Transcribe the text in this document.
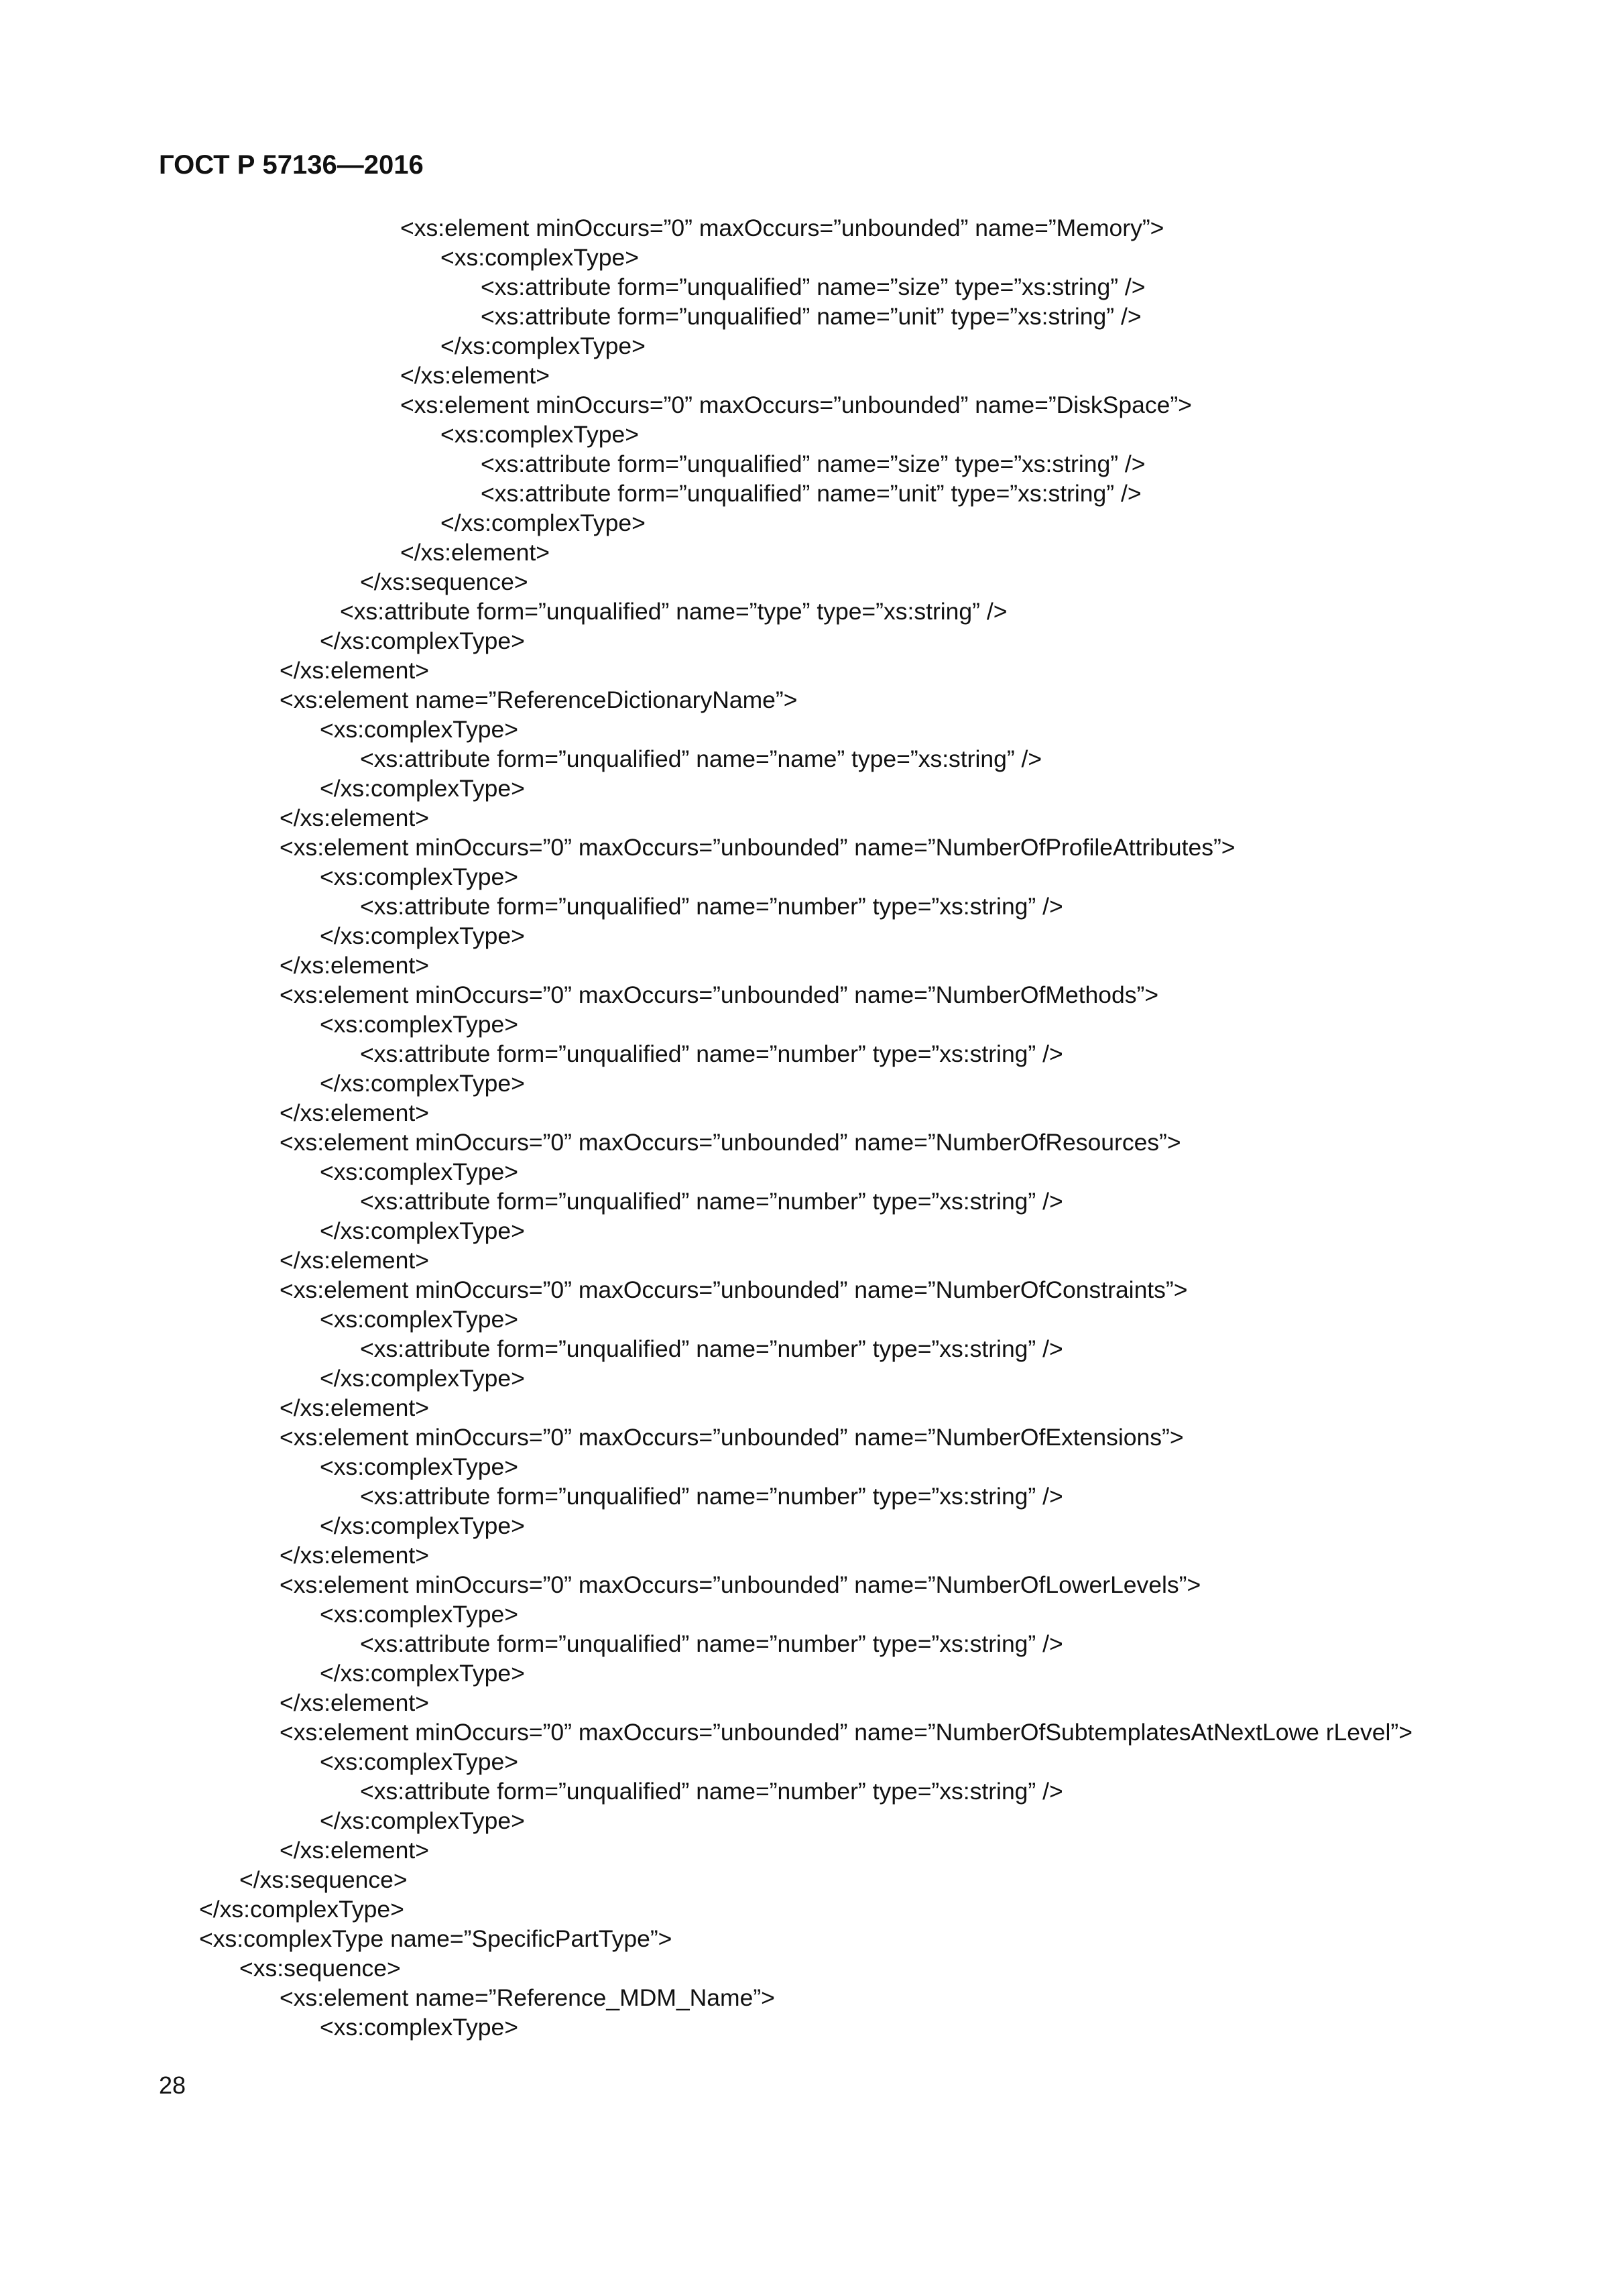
ГОСТ Р 57136—2016
<xs:element minOccurs=”0” maxOccurs=”unbounded” name=”Memory”>
<xs:complexType>
<xs:attribute form=”unqualified” name=”size” type=”xs:string” />
<xs:attribute form=”unqualified” name=”unit” type=”xs:string” />
</xs:complexType>
</xs:element>
<xs:element minOccurs=”0” maxOccurs=”unbounded” name=”DiskSpace”>
<xs:complexType>
<xs:attribute form=”unqualified” name=”size” type=”xs:string” />
<xs:attribute form=”unqualified” name=”unit” type=”xs:string” />
</xs:complexType>
</xs:element>
</xs:sequence>
<xs:attribute form=”unqualified” name=”type” type=”xs:string” />
</xs:complexType>
</xs:element>
<xs:element name=”ReferenceDictionaryName”>
<xs:complexType>
<xs:attribute form=”unqualified” name=”name” type=”xs:string” />
</xs:complexType>
</xs:element>
<xs:element minOccurs=”0” maxOccurs=”unbounded” name=”NumberOfProfileAttributes”>
<xs:complexType>
<xs:attribute form=”unqualified” name=”number” type=”xs:string” />
</xs:complexType>
</xs:element>
<xs:element minOccurs=”0” maxOccurs=”unbounded” name=”NumberOfMethods”>
<xs:complexType>
<xs:attribute form=”unqualified” name=”number” type=”xs:string” />
</xs:complexType>
</xs:element>
<xs:element minOccurs=”0” maxOccurs=”unbounded” name=”NumberOfResources”>
<xs:complexType>
<xs:attribute form=”unqualified” name=”number” type=”xs:string” />
</xs:complexType>
</xs:element>
<xs:element minOccurs=”0” maxOccurs=”unbounded” name=”NumberOfConstraints”>
<xs:complexType>
<xs:attribute form=”unqualified” name=”number” type=”xs:string” />
</xs:complexType>
</xs:element>
<xs:element minOccurs=”0” maxOccurs=”unbounded” name=”NumberOfExtensions”>
<xs:complexType>
<xs:attribute form=”unqualified” name=”number” type=”xs:string” />
</xs:complexType>
</xs:element>
<xs:element minOccurs=”0” maxOccurs=”unbounded” name=”NumberOfLowerLevels”>
<xs:complexType>
<xs:attribute form=”unqualified” name=”number” type=”xs:string” />
</xs:complexType>
</xs:element>
<xs:element minOccurs=”0” maxOccurs=”unbounded” name=”NumberOfSubtemplatesAtNextLowe rLevel”>
<xs:complexType>
<xs:attribute form=”unqualified” name=”number” type=”xs:string” />
</xs:complexType>
</xs:element>
</xs:sequence>
</xs:complexType>
<xs:complexType name=”SpecificPartType”>
<xs:sequence>
<xs:element name=”Reference_MDM_Name”>
<xs:complexType>
28
